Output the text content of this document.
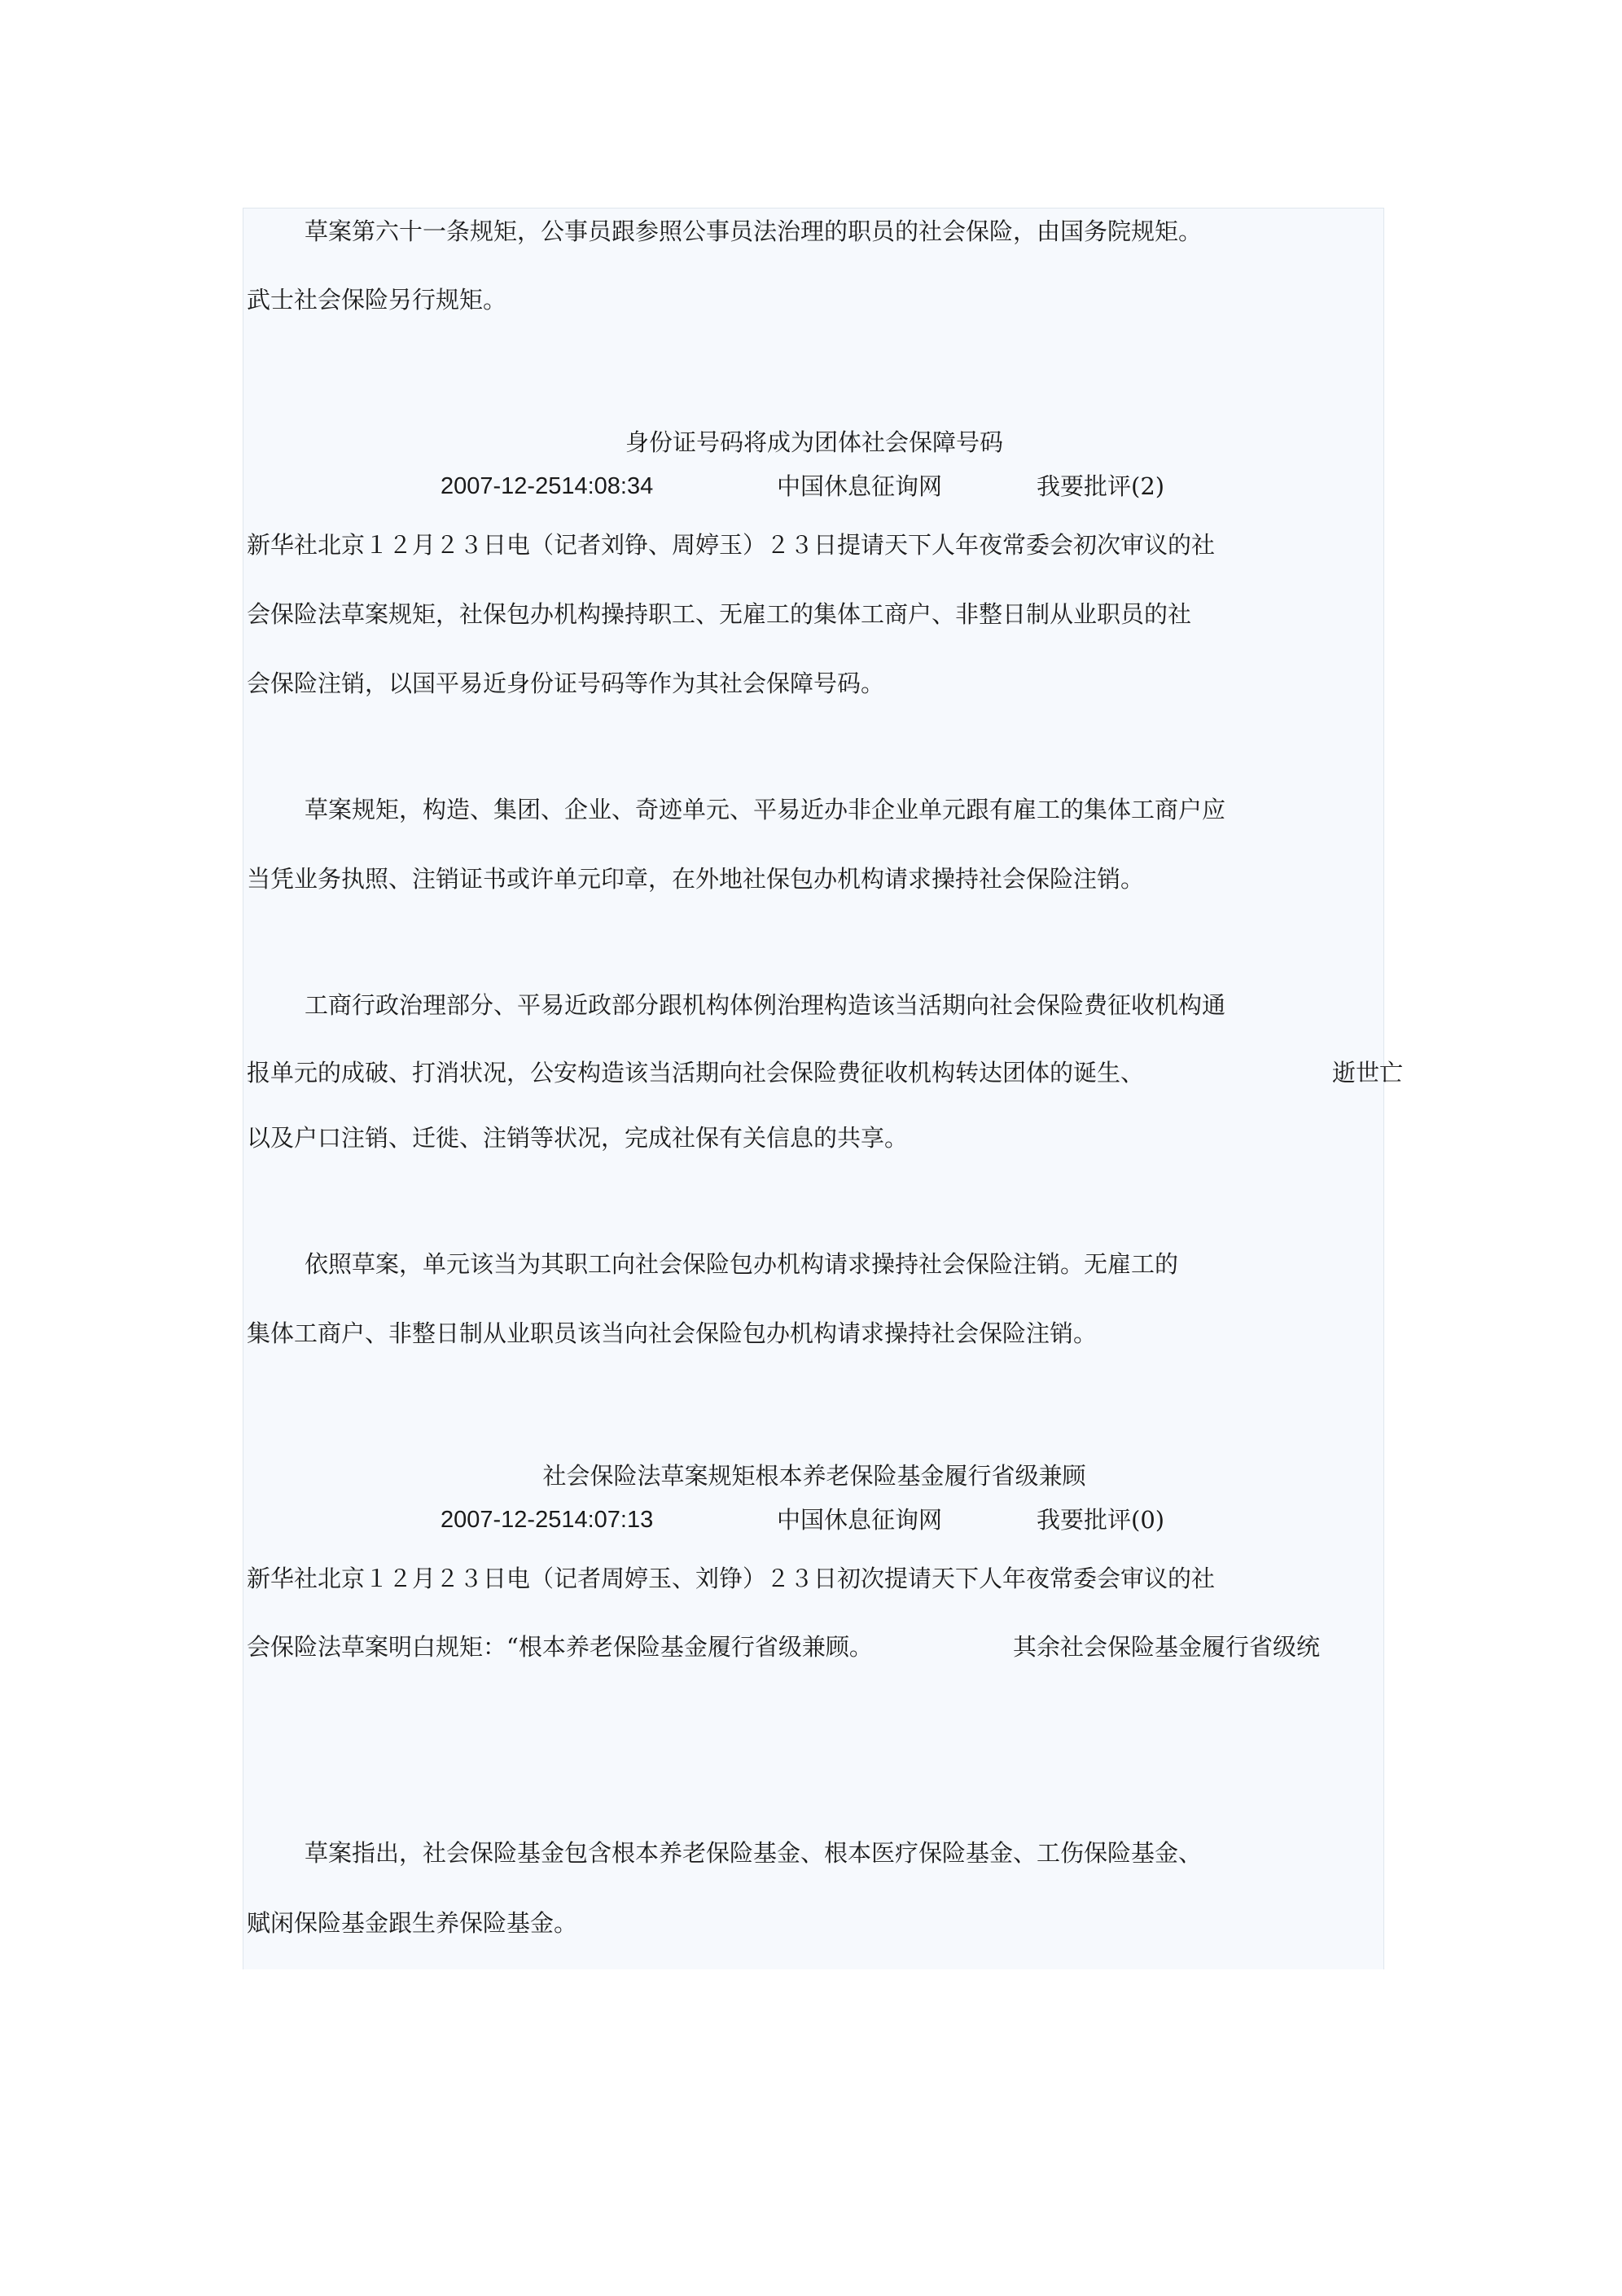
草案第六十一条规矩，公事员跟参照公事员法治理的职员的社会保险，由国务院规矩。
武士社会保险另行规矩。
身份证号码将成为团体社会保障号码
2007-12-2514:08:34	中国休息征询网	我要批评(2)
新华社北京１２月２３日电（记者刘铮、周婷玉）２３日提请天下人年夜常委会初次审议的社
会保险法草案规矩，社保包办机构操持职工、无雇工的集体工商户、非整日制从业职员的社
会保险注销，以国平易近身份证号码等作为其社会保障号码。
草案规矩，构造、集团、企业、奇迹单元、平易近办非企业单元跟有雇工的集体工商户应
当凭业务执照、注销证书或许单元印章，在外地社保包办机构请求操持社会保险注销。
工商行政治理部分、平易近政部分跟机构体例治理构造该当活期向社会保险费征收机构通
报单元的成破、打消状况，公安构造该当活期向社会保险费征收机构转达团体的诞生、	逝世亡
以及户口注销、迁徙、注销等状况，完成社保有关信息的共享。
依照草案，单元该当为其职工向社会保险包办机构请求操持社会保险注销。无雇工的
集体工商户、非整日制从业职员该当向社会保险包办机构请求操持社会保险注销。
社会保险法草案规矩根本养老保险基金履行省级兼顾
2007-12-2514:07:13	中国休息征询网	我要批评(0)
新华社北京１２月２３日电（记者周婷玉、刘铮）２３日初次提请天下人年夜常委会审议的社
会保险法草案明白规矩：“根本养老保险基金履行省级兼顾。	其余社会保险基金履行省级统
草案指出，社会保险基金包含根本养老保险基金、根本医疗保险基金、工伤保险基金、
赋闲保险基金跟生养保险基金。
